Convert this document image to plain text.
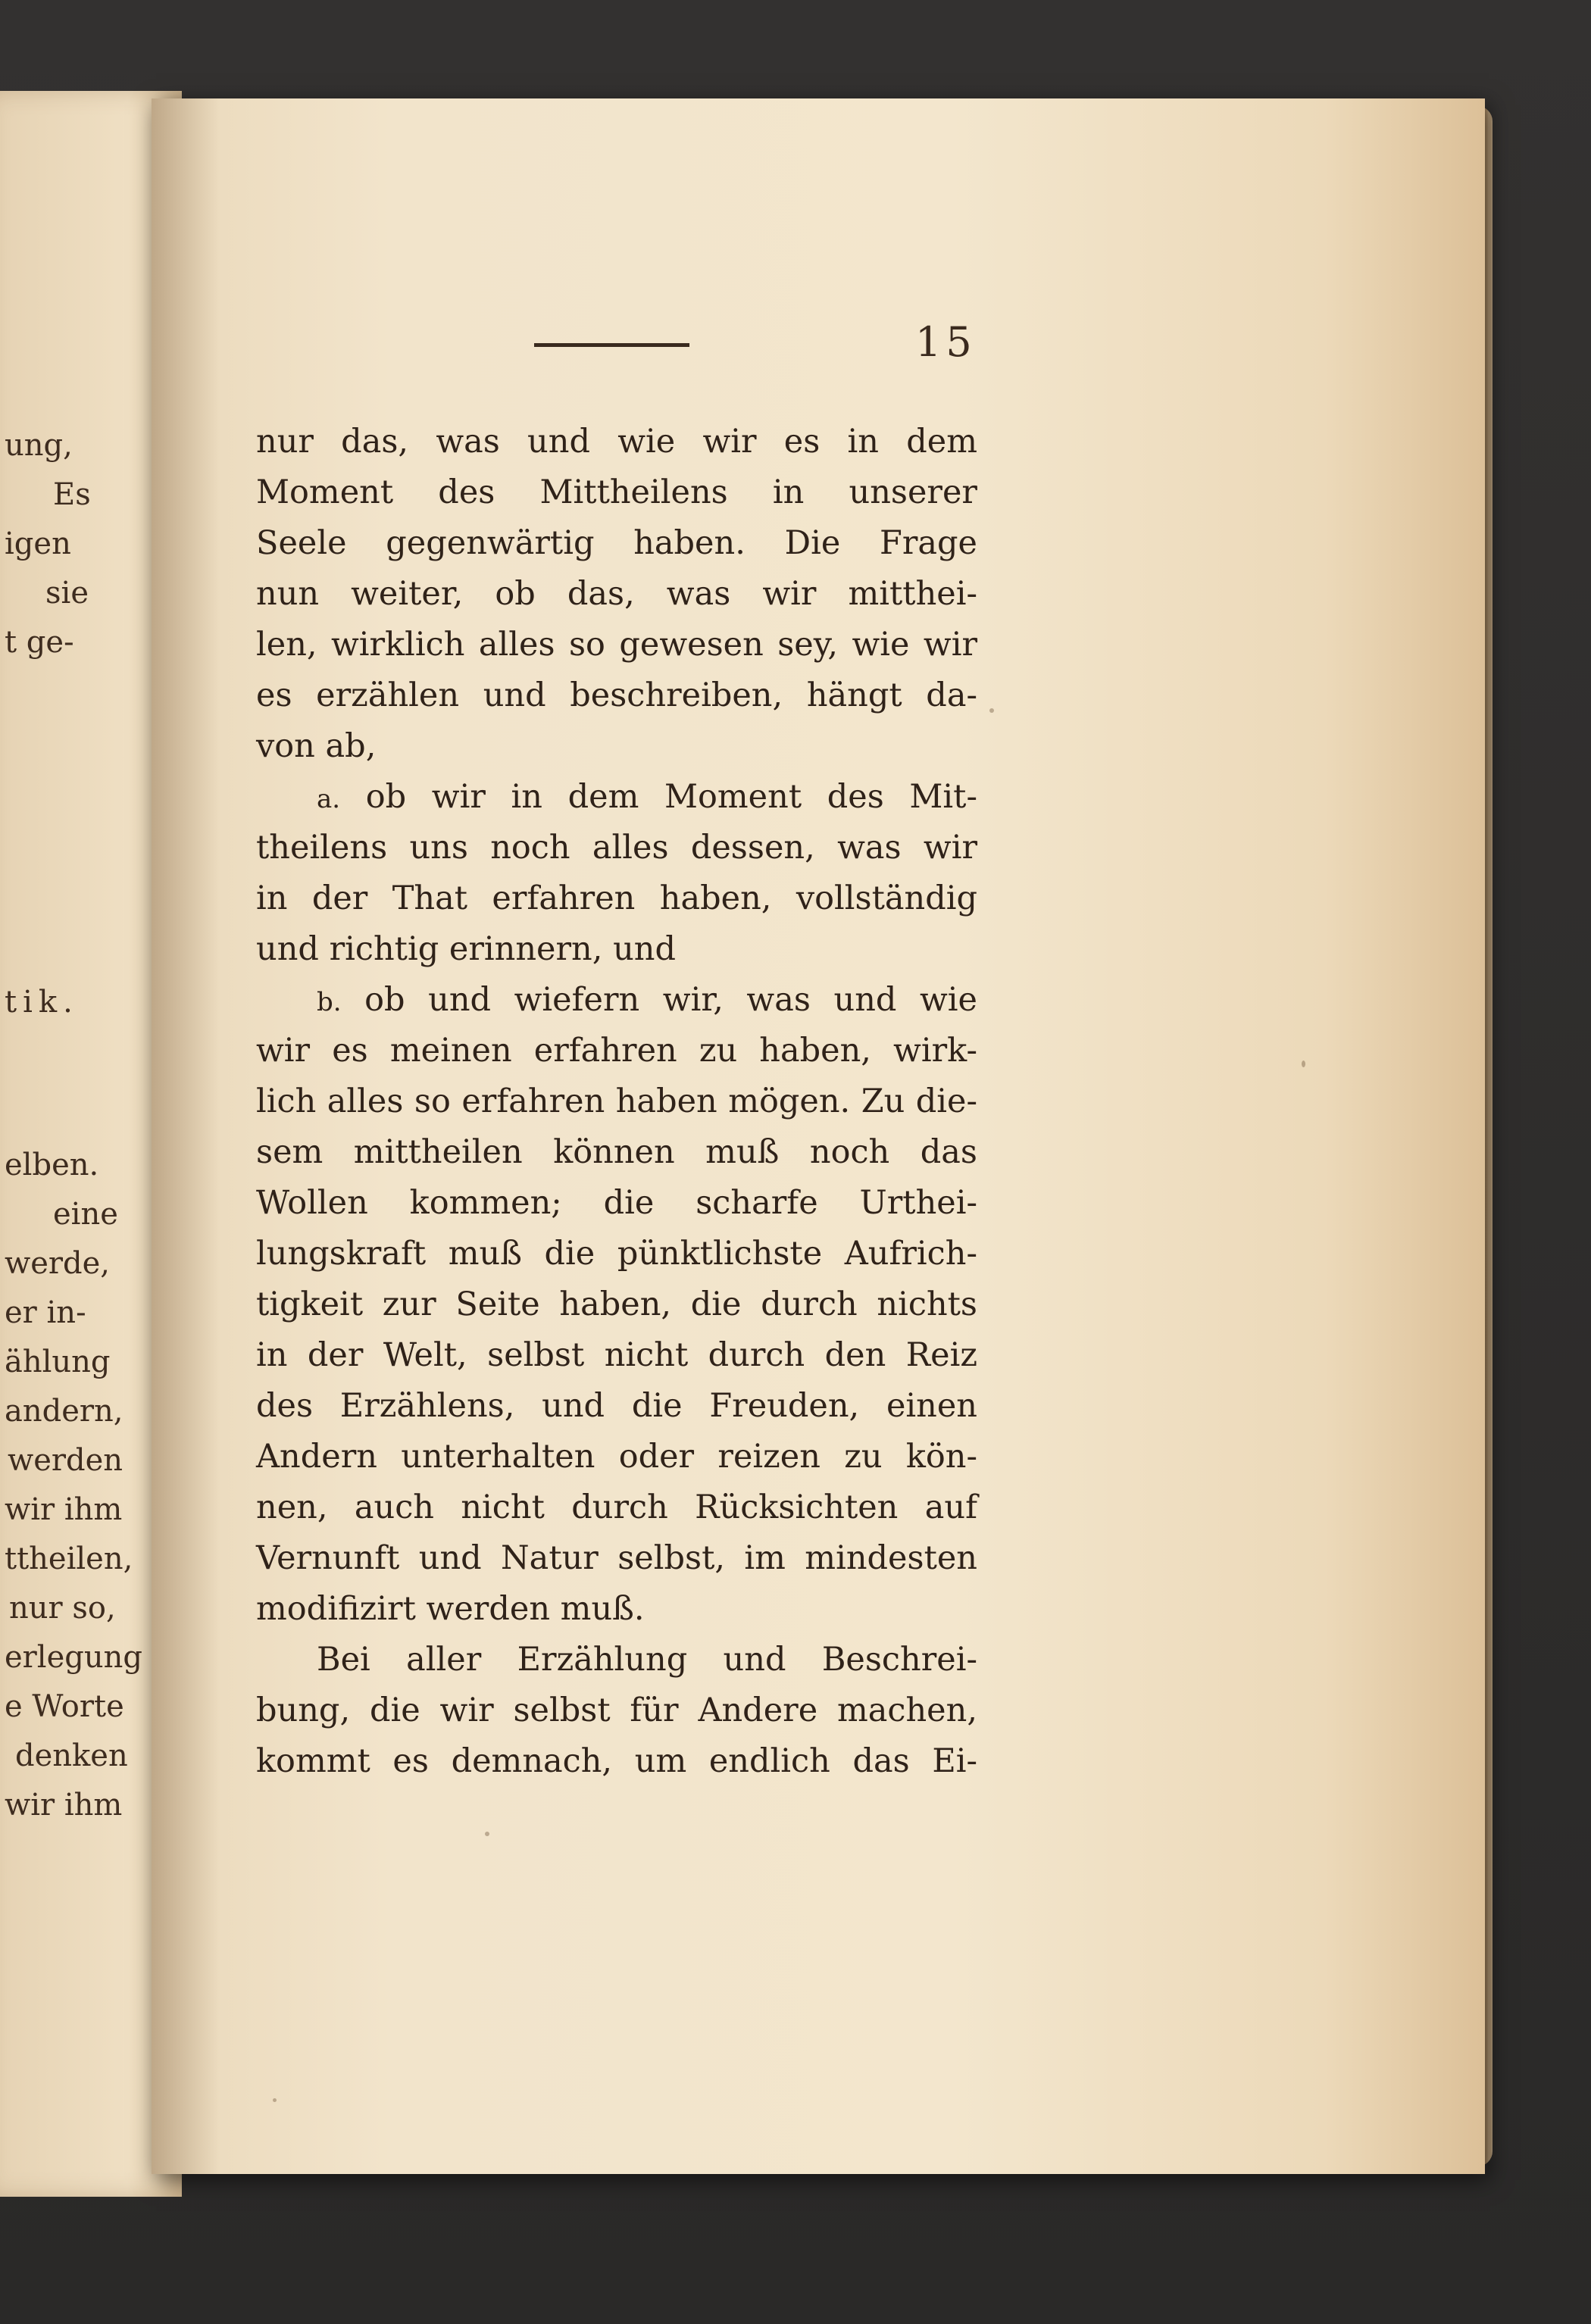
ung,
Es
igen
sie
t ge-
tik.
elben.
eine
werde,
er in-
ählung
andern,
werden
wir ihm
ttheilen,
nur so,
erlegung
e Worte
denken
wir ihm
15
nur das, was und wie wir es in dem
Moment des Mittheilens in unserer
Seele gegenwärtig haben. Die Frage
nun weiter, ob das, was wir mitthei-
len, wirklich alles so gewesen sey, wie wir
es erzählen und beschreiben, hängt da-
von ab,
a. ob wir in dem Moment des Mit-
theilens uns noch alles dessen, was wir
in der That erfahren haben, vollständig
und richtig erinnern, und
b. ob und wiefern wir, was und wie
wir es meinen erfahren zu haben, wirk-
lich alles so erfahren haben mögen. Zu die-
sem mittheilen können muß noch das
Wollen kommen; die scharfe Urthei-
lungskraft muß die pünktlichste Aufrich-
tigkeit zur Seite haben, die durch nichts
in der Welt, selbst nicht durch den Reiz
des Erzählens, und die Freuden, einen
Andern unterhalten oder reizen zu kön-
nen, auch nicht durch Rücksichten auf
Vernunft und Natur selbst, im mindesten
modifizirt werden muß.
Bei aller Erzählung und Beschrei-
bung, die wir selbst für Andere machen,
kommt es demnach, um endlich das Ei-
